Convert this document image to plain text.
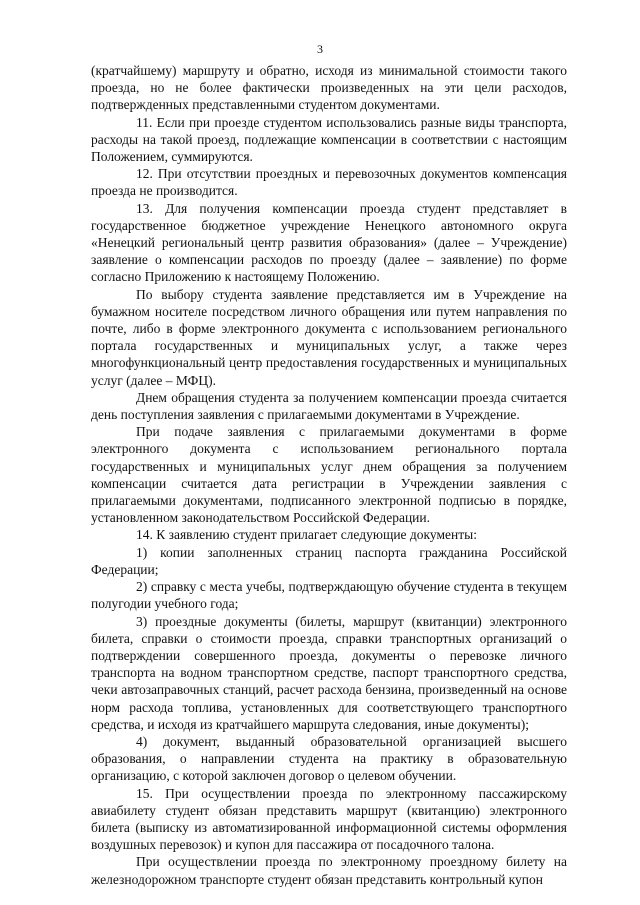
3

(кратчайшему) маршруту и обратно, исходя из минимальной стоимости такого проезда, но не более фактически произведенных на эти цели расходов, подтвержденных представленными студентом документами.

11. Если при проезде студентом использовались разные виды транспорта, расходы на такой проезд, подлежащие компенсации в соответствии с настоящим Положением, суммируются.

12. При отсутствии проездных и перевозочных документов компенсация проезда не производится.

13. Для получения компенсации проезда студент представляет в государственное бюджетное учреждение Ненецкого автономного округа «Ненецкий региональный центр развития образования» (далее – Учреждение) заявление о компенсации расходов по проезду (далее – заявление) по форме согласно Приложению к настоящему Положению.

По выбору студента заявление представляется им в Учреждение на бумажном носителе посредством личного обращения или путем направления по почте, либо в форме электронного документа с использованием регионального портала государственных и муниципальных услуг, а также через многофункциональный центр предоставления государственных и муниципальных услуг (далее – МФЦ).

Днем обращения студента за получением компенсации проезда считается день поступления заявления с прилагаемыми документами в Учреждение.

При подаче заявления с прилагаемыми документами в форме электронного документа с использованием регионального портала государственных и муниципальных услуг днем обращения за получением компенсации считается дата регистрации в Учреждении заявления с прилагаемыми документами, подписанного электронной подписью в порядке, установленном законодательством Российской Федерации.

14. К заявлению студент прилагает следующие документы:

1) копии заполненных страниц паспорта гражданина Российской Федерации;

2) справку с места учебы, подтверждающую обучение студента в текущем полугодии учебного года;

3) проездные документы (билеты, маршрут (квитанции) электронного билета, справки о стоимости проезда, справки транспортных организаций о подтверждении совершенного проезда, документы о перевозке личного транспорта на водном транспортном средстве, паспорт транспортного средства, чеки автозаправочных станций, расчет расхода бензина, произведенный на основе норм расхода топлива, установленных для соответствующего транспортного средства, и исходя из кратчайшего маршрута следования, иные документы);

4) документ, выданный образовательной организацией высшего образования, о направлении студента на практику в образовательную организацию, с которой заключен договор о целевом обучении.

15. При осуществлении проезда по электронному пассажирскому авиабилету студент обязан представить маршрут (квитанцию) электронного билета (выписку из автоматизированной информационной системы оформления воздушных перевозок) и купон для пассажира от посадочного талона.

При осуществлении проезда по электронному проездному билету на железнодорожном транспорте студент обязан представить контрольный купон
